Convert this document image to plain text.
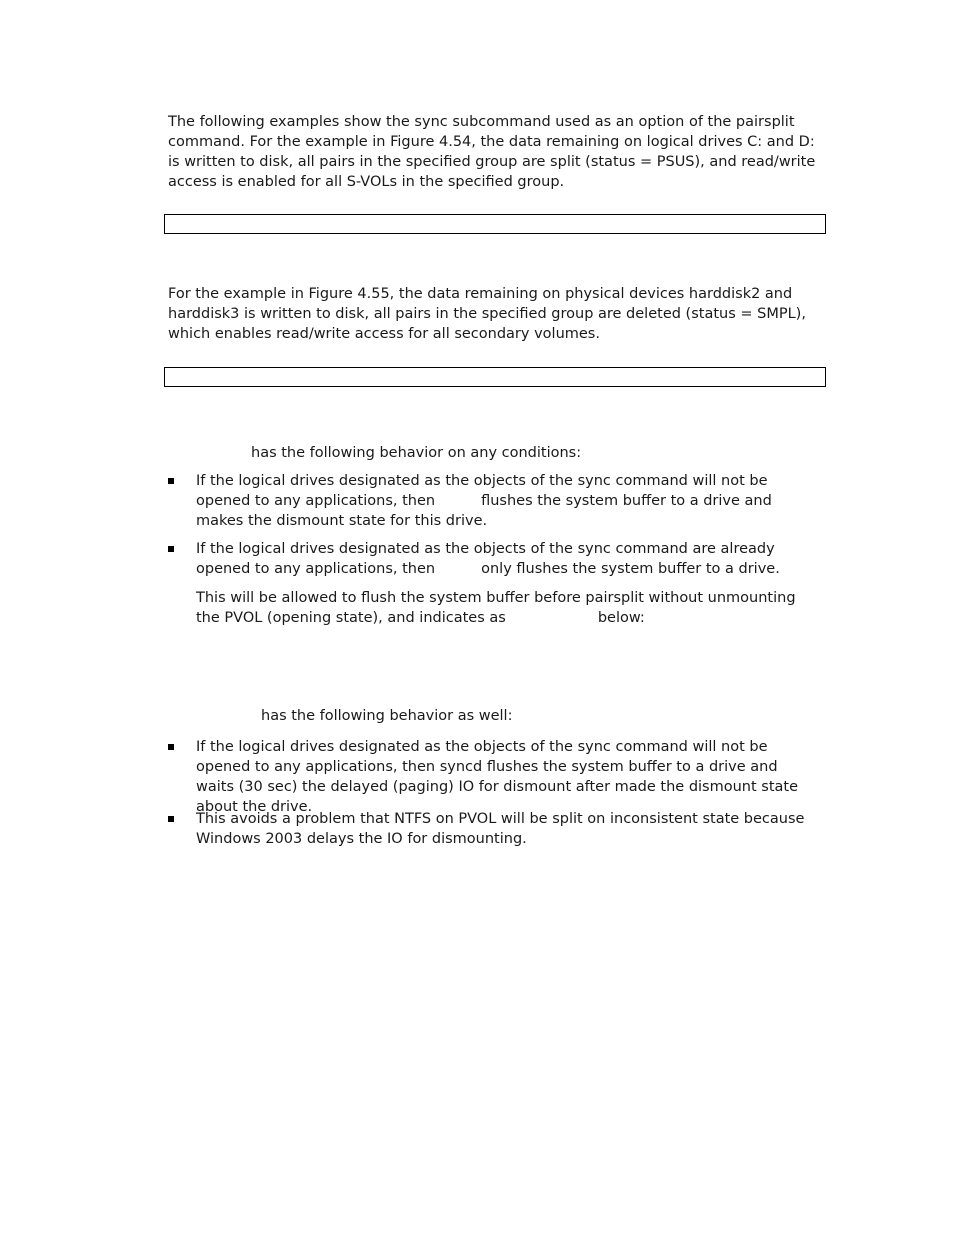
The following examples show the sync subcommand used as an option of the pairsplit command. For the example in Figure 4.54, the data remaining on logical drives C: and D: is written to disk, all pairs in the specified group are split (status = PSUS), and read/write access is enabled for all S-VOLs in the specified group.

For the example in Figure 4.55, the data remaining on physical devices harddisk2 and harddisk3 is written to disk, all pairs in the specified group are deleted (status = SMPL), which enables read/write access for all secondary volumes.

has the following behavior on any conditions:

If the logical drives designated as the objects of the sync command will not be opened to any applications, then	flushes the system buffer to a drive and makes the dismount state for this drive.

If the logical drives designated as the objects of the sync command are already opened to any applications, then	only flushes the system buffer to a drive.

This will be allowed to flush the system buffer before pairsplit without unmounting the PVOL (opening state), and indicates as	below:

has the following behavior as well:

If the logical drives designated as the objects of the sync command will not be opened to any applications, then syncd flushes the system buffer to a drive and waits (30 sec) the delayed (paging) IO for dismount after made the dismount state about the drive.

This avoids a problem that NTFS on PVOL will be split on inconsistent state because Windows 2003 delays the IO for dismounting.
